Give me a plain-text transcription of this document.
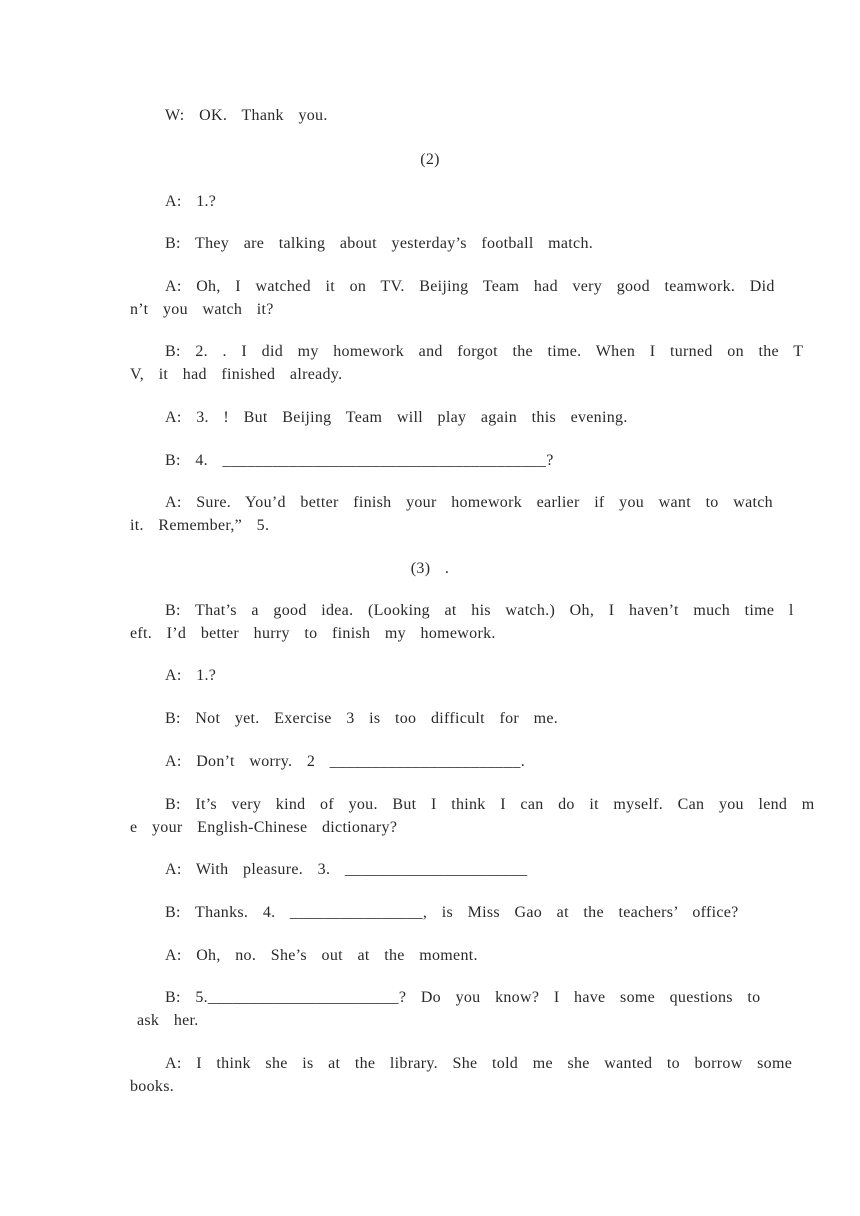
W:  OK.  Thank  you.
(2)
A:  1.?
B:  They  are  talking  about  yesterday’s  football  match.
A:  Oh,  I  watched  it  on  TV.  Beijing  Team  had  very  good  teamwork.  Did
n’t  you  watch  it?
B:  2.  .  I  did  my  homework  and  forgot  the  time.  When  I  turned  on  the  T
V,  it  had  finished  already.
A:  3.  !  But  Beijing  Team  will  play  again  this  evening.
B:  4.  _______________________________________?
A:  Sure.  You’d  better  finish  your  homework  earlier  if  you  want  to  watch
it.  Remember,”  5.
(3)  .
B:  That’s  a  good  idea.  (Looking  at  his  watch.)  Oh,  I  haven’t  much  time  l
eft.  I’d  better  hurry  to  finish  my  homework.
A:  1.?
B:  Not  yet.  Exercise  3  is  too  difficult  for  me.
A:  Don’t  worry.  2  _______________________.
B:  It’s  very  kind  of  you.  But  I  think  I  can  do  it  myself.  Can  you  lend  m
e  your  English-Chinese  dictionary?
A:  With  pleasure.  3.  ______________________
B:  Thanks.  4.  ________________,  is  Miss  Gao  at  the  teachers’  office?
A:  Oh,  no.  She’s  out  at  the  moment.
B:  5._______________________?  Do  you  know?  I  have  some  questions  to
ask  her.
A:  I  think  she  is  at  the  library.  She  told  me  she  wanted  to  borrow  some
books.
